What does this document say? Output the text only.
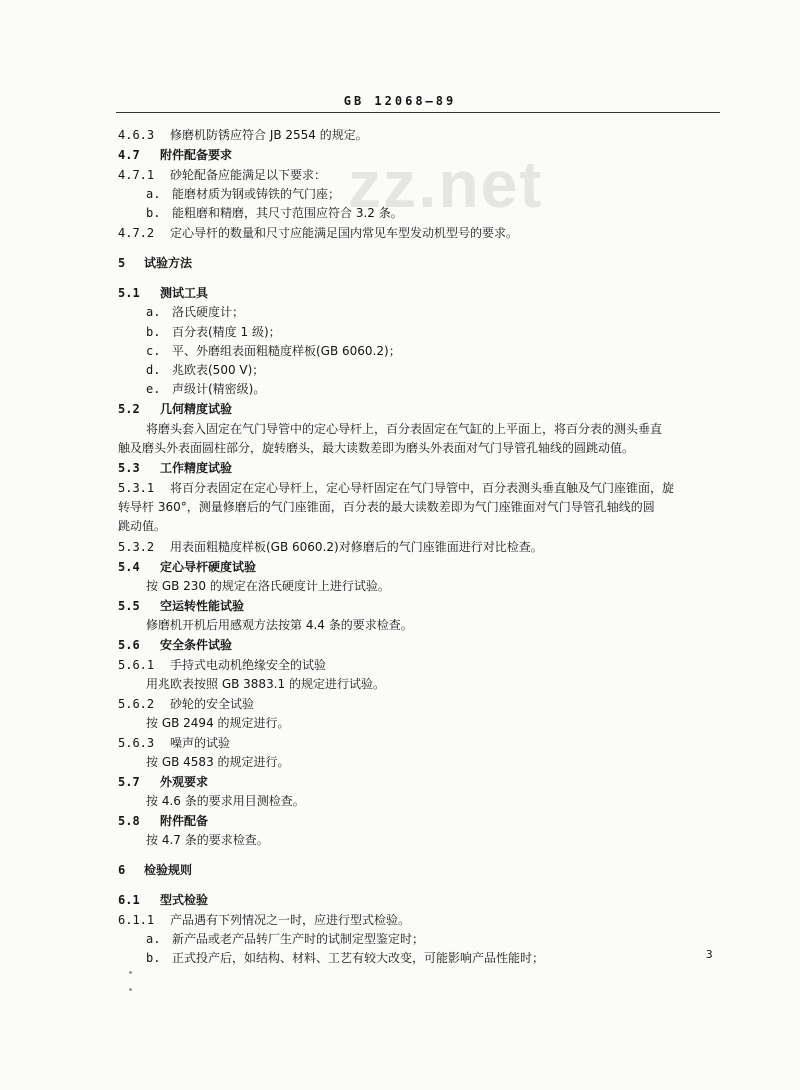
GB 12068—89
zz.net
4.6.3 修磨机防锈应符合 JB 2554 的规定。
4.7 附件配备要求
4.7.1 砂轮配备应能满足以下要求：
a. 能磨材质为钢或铸铁的气门座；
b. 能粗磨和精磨，其尺寸范围应符合 3.2 条。
4.7.2 定心导杆的数量和尺寸应能满足国内常见车型发动机型号的要求。
5 试验方法
5.1 测试工具
a. 洛氏硬度计；
b. 百分表(精度 1 级)；
c. 平、外磨组表面粗糙度样板(GB 6060.2)；
d. 兆欧表(500 V)；
e. 声级计(精密级)。
5.2 几何精度试验
将磨头套入固定在气门导管中的定心导杆上，百分表固定在气缸的上平面上，将百分表的测头垂直
触及磨头外表面圆柱部分，旋转磨头，最大读数差即为磨头外表面对气门导管孔轴线的圆跳动值。
5.3 工作精度试验
5.3.1 将百分表固定在定心导杆上，定心导杆固定在气门导管中，百分表测头垂直触及气门座锥面，旋
转导杆 360°，测量修磨后的气门座锥面，百分表的最大读数差即为气门座锥面对气门导管孔轴线的圆
跳动值。
5.3.2 用表面粗糙度样板(GB 6060.2)对修磨后的气门座锥面进行对比检查。
5.4 定心导杆硬度试验
按 GB 230 的规定在洛氏硬度计上进行试验。
5.5 空运转性能试验
修磨机开机后用感观方法按第 4.4 条的要求检查。
5.6 安全条件试验
5.6.1 手持式电动机绝缘安全的试验
用兆欧表按照 GB 3883.1 的规定进行试验。
5.6.2 砂轮的安全试验
按 GB 2494 的规定进行。
5.6.3 噪声的试验
按 GB 4583 的规定进行。
5.7 外观要求
按 4.6 条的要求用目测检查。
5.8 附件配备
按 4.7 条的要求检查。
6 检验规则
6.1 型式检验
6.1.1 产品遇有下列情况之一时，应进行型式检验。
a. 新产品或老产品转厂生产时的试制定型鉴定时；
b. 正式投产后，如结构、材料、工艺有较大改变，可能影响产品性能时；	3
